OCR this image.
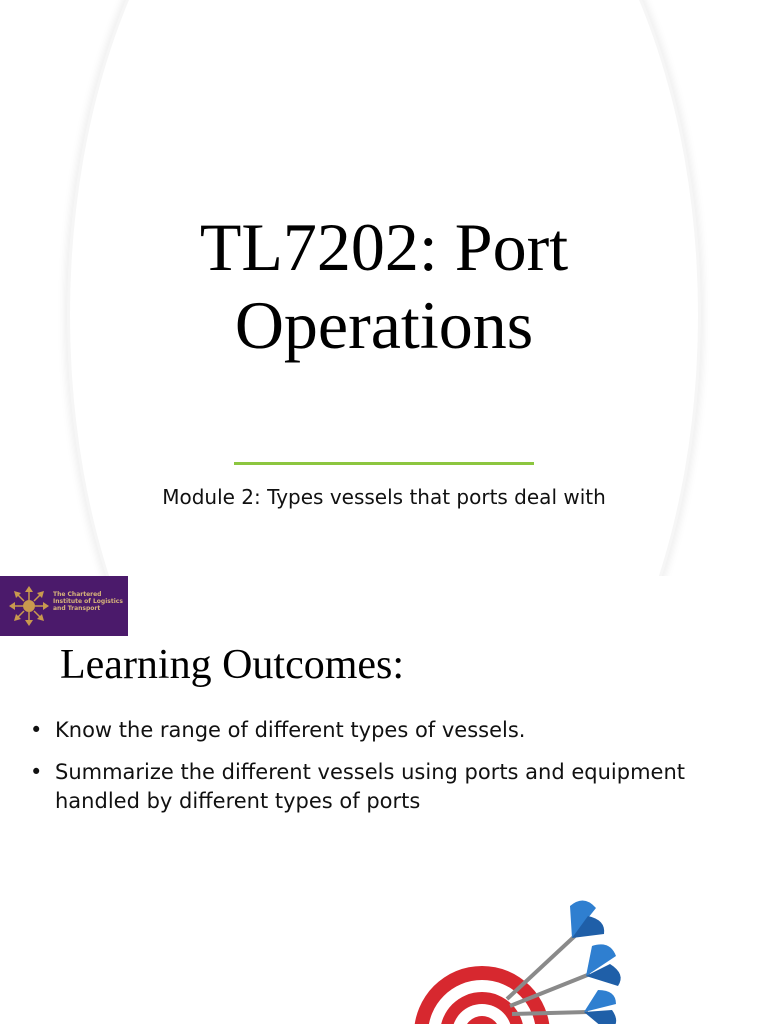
TL7202: Port Operations
Module 2: Types vessels that ports deal with
The Chartered Institute of Logistics and Transport
Learning Outcomes:
• Know the range of different types of vessels.
• Summarize the different vessels using ports and equipment handled by different types of ports
